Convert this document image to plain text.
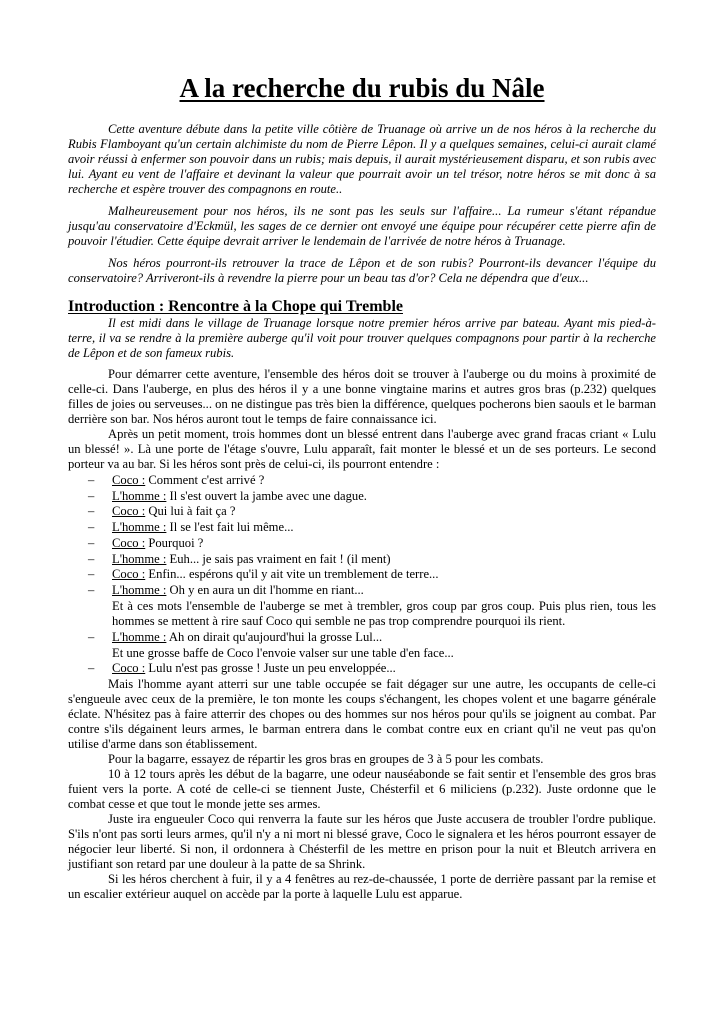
A la recherche du rubis du Nâle

Cette aventure débute dans la petite ville côtière de Truanage où arrive un de nos héros à la recherche du Rubis Flamboyant qu'un certain alchimiste du nom de Pierre Lêpon. Il y a quelques semaines, celui-ci aurait clamé avoir réussi à enfermer son pouvoir dans un rubis; mais depuis, il aurait mystérieusement disparu, et son rubis avec lui. Ayant eu vent de l'affaire et devinant la valeur que pourrait avoir un tel trésor, notre héros se mit donc à sa recherche et espère trouver des compagnons en route..

Malheureusement pour nos héros, ils ne sont pas les seuls sur l'affaire... La rumeur s'étant répandue jusqu'au conservatoire d'Eckmül, les sages de ce dernier ont envoyé une équipe pour récupérer cette pierre afin de pouvoir l'étudier. Cette équipe devrait arriver le lendemain de l'arrivée de notre héros à Truanage.

Nos héros pourront-ils retrouver la trace de Lêpon et de son rubis? Pourront-ils devancer l'équipe du conservatoire? Arriveront-ils à revendre la pierre pour un beau tas d'or? Cela ne dépendra que d'eux...

Introduction : Rencontre à la Chope qui Tremble

Il est midi dans le village de Truanage lorsque notre premier héros arrive par bateau. Ayant mis pied-à-terre, il va se rendre à la première auberge qu'il voit pour trouver quelques compagnons pour partir à la recherche de Lêpon et de son fameux rubis.

Pour démarrer cette aventure, l'ensemble des héros doit se trouver à l'auberge ou du moins à proximité de celle-ci. Dans l'auberge, en plus des héros il y a une bonne vingtaine marins et autres gros bras (p.232) quelques filles de joies ou serveuses... on ne distingue pas très bien la différence, quelques pocherons bien saouls et le barman derrière son bar. Nos héros auront tout le temps de faire connaissance ici.

Après un petit moment, trois hommes dont un blessé entrent dans l'auberge avec grand fracas criant « Lulu un blessé! ». Là une porte de l'étage s'ouvre, Lulu apparaît, fait monter le blessé et un de ses porteurs. Le second porteur va au bar. Si les héros sont près de celui-ci, ils pourront entendre :

– Coco : Comment c'est arrivé ?
– L'homme : Il s'est ouvert la jambe avec une dague.
– Coco : Qui lui à fait ça ?
– L'homme : Il se l'est fait lui même...
– Coco : Pourquoi ?
– L'homme : Euh... je sais pas vraiment en fait ! (il ment)
– Coco : Enfin... espérons qu'il y ait vite un tremblement de terre...
– L'homme : Oh y en aura un dit l'homme en riant...
Et à ces mots l'ensemble de l'auberge se met à trembler, gros coup par gros coup. Puis plus rien, tous les hommes se mettent à rire sauf Coco qui semble ne pas trop comprendre pourquoi ils rient.
– L'homme : Ah on dirait qu'aujourd'hui la grosse Lul...
Et une grosse baffe de Coco l'envoie valser sur une table d'en face...
– Coco : Lulu n'est pas grosse ! Juste un peu enveloppée...

Mais l'homme ayant atterri sur une table occupée se fait dégager sur une autre, les occupants de celle-ci s'engueule avec ceux de la première, le ton monte les coups s'échangent, les chopes volent et une bagarre générale éclate. N'hésitez pas à faire atterrir des chopes ou des hommes sur nos héros pour qu'ils se joignent au combat. Par contre s'ils dégainent leurs armes, le barman entrera dans le combat contre eux en criant qu'il ne veut pas qu'on utilise d'arme dans son établissement.

Pour la bagarre, essayez de répartir les gros bras en groupes de 3 à 5 pour les combats.

10 à 12 tours après les début de la bagarre, une odeur nauséabonde se fait sentir et l'ensemble des gros bras fuient vers la porte. A coté de celle-ci se tiennent Juste, Chésterfil et 6 miliciens (p.232). Juste ordonne que le combat cesse et que tout le monde jette ses armes.

Juste ira engueuler Coco qui renverra la faute sur les héros que Juste accusera de troubler l'ordre publique. S'ils n'ont pas sorti leurs armes, qu'il n'y a ni mort ni blessé grave, Coco le signalera et les héros pourront essayer de négocier leur liberté. Si non, il ordonnera à Chésterfil de les mettre en prison pour la nuit et Bleutch arrivera en justifiant son retard par une douleur à la patte de sa Shrink.

Si les héros cherchent à fuir, il y a 4 fenêtres au rez-de-chaussée, 1 porte de derrière passant par la remise et un escalier extérieur auquel on accède par la porte à laquelle Lulu est apparue.
